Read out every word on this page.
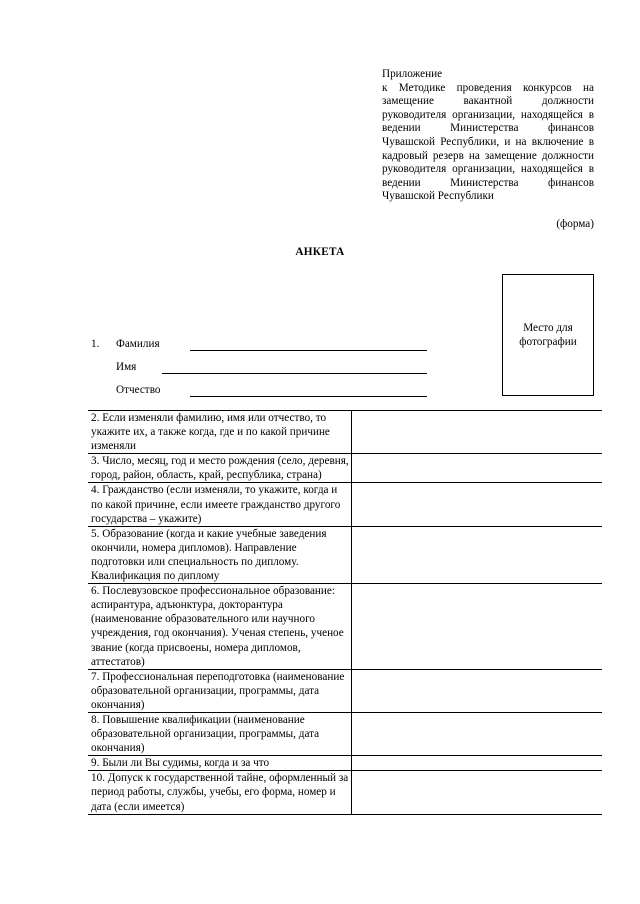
Приложение
к Методике проведения конкурсов на замещение вакантной должности руководителя организации, находящейся в ведении Министерства финансов Чувашской Республики, и на включение в кадровый резерв на замещение должности руководителя организации, находящейся в ведении Министерства финансов Чувашской Республики
(форма)
АНКЕТА
Место для фотографии
1. Фамилия
Имя
Отчество
2. Если изменяли фамилию, имя или отчество, то укажите их, а также когда, где и по какой причине изменяли	
3. Число, месяц, год и место рождения (село, деревня, город, район, область, край, республика, страна)	
4. Гражданство (если изменяли, то укажите, когда и по какой причине, если имеете гражданство другого государства – укажите)	
5. Образование (когда и какие учебные заведения окончили, номера дипломов). Направление подготовки или специальность по диплому. Квалификация по диплому	
6. Послевузовское профессиональное образование: аспирантура, адъюнктура, докторантура (наименование образовательного или научного учреждения, год окончания). Ученая степень, ученое звание (когда присвоены, номера дипломов, аттестатов)	
7. Профессиональная переподготовка (наименование образовательной организации, программы, дата окончания)	
8. Повышение квалификации (наименование образовательной организации, программы, дата окончания)	
9. Были ли Вы судимы, когда и за что	
10. Допуск к государственной тайне, оформленный за период работы, службы, учебы, его форма, номер и дата (если имеется)	
